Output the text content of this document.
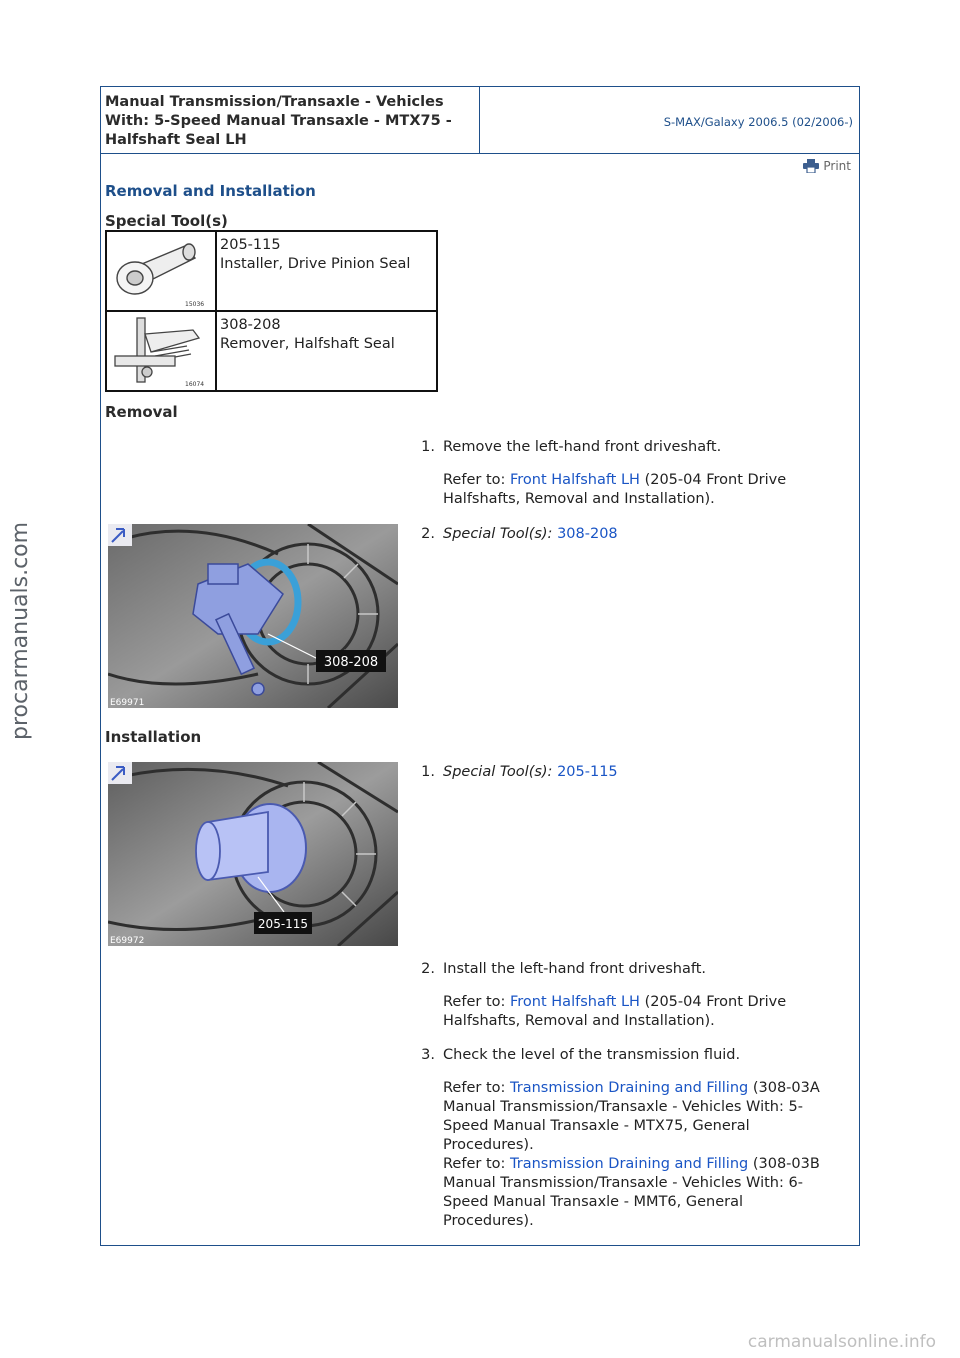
Manual Transmission/Transaxle - Vehicles With: 5-Speed Manual Transaxle - MTX75 - Halfshaft Seal LH
S-MAX/Galaxy 2006.5 (02/2006-)
Print
Removal and Installation
Special Tool(s)
15036	205-115
Installer, Drive Pinion Seal

16074	308-208
Remover, Halfshaft Seal
Removal
1. Remove the left-hand front driveshaft.
Refer to: Front Halfshaft LH (205-04 Front Drive Halfshafts, Removal and Installation).
308-208
E69971
2. Special Tool(s): 308-208
Installation
205-115
E69972
1. Special Tool(s): 205-115
2. Install the left-hand front driveshaft.
Refer to: Front Halfshaft LH (205-04 Front Drive Halfshafts, Removal and Installation).
3. Check the level of the transmission fluid.
Refer to: Transmission Draining and Filling (308-03A Manual Transmission/Transaxle - Vehicles With: 5-Speed Manual Transaxle - MTX75, General Procedures).
Refer to: Transmission Draining and Filling (308-03B Manual Transmission/Transaxle - Vehicles With: 6-Speed Manual Transaxle - MMT6, General Procedures).
procarmanuals.com
carmanualsonline.info
